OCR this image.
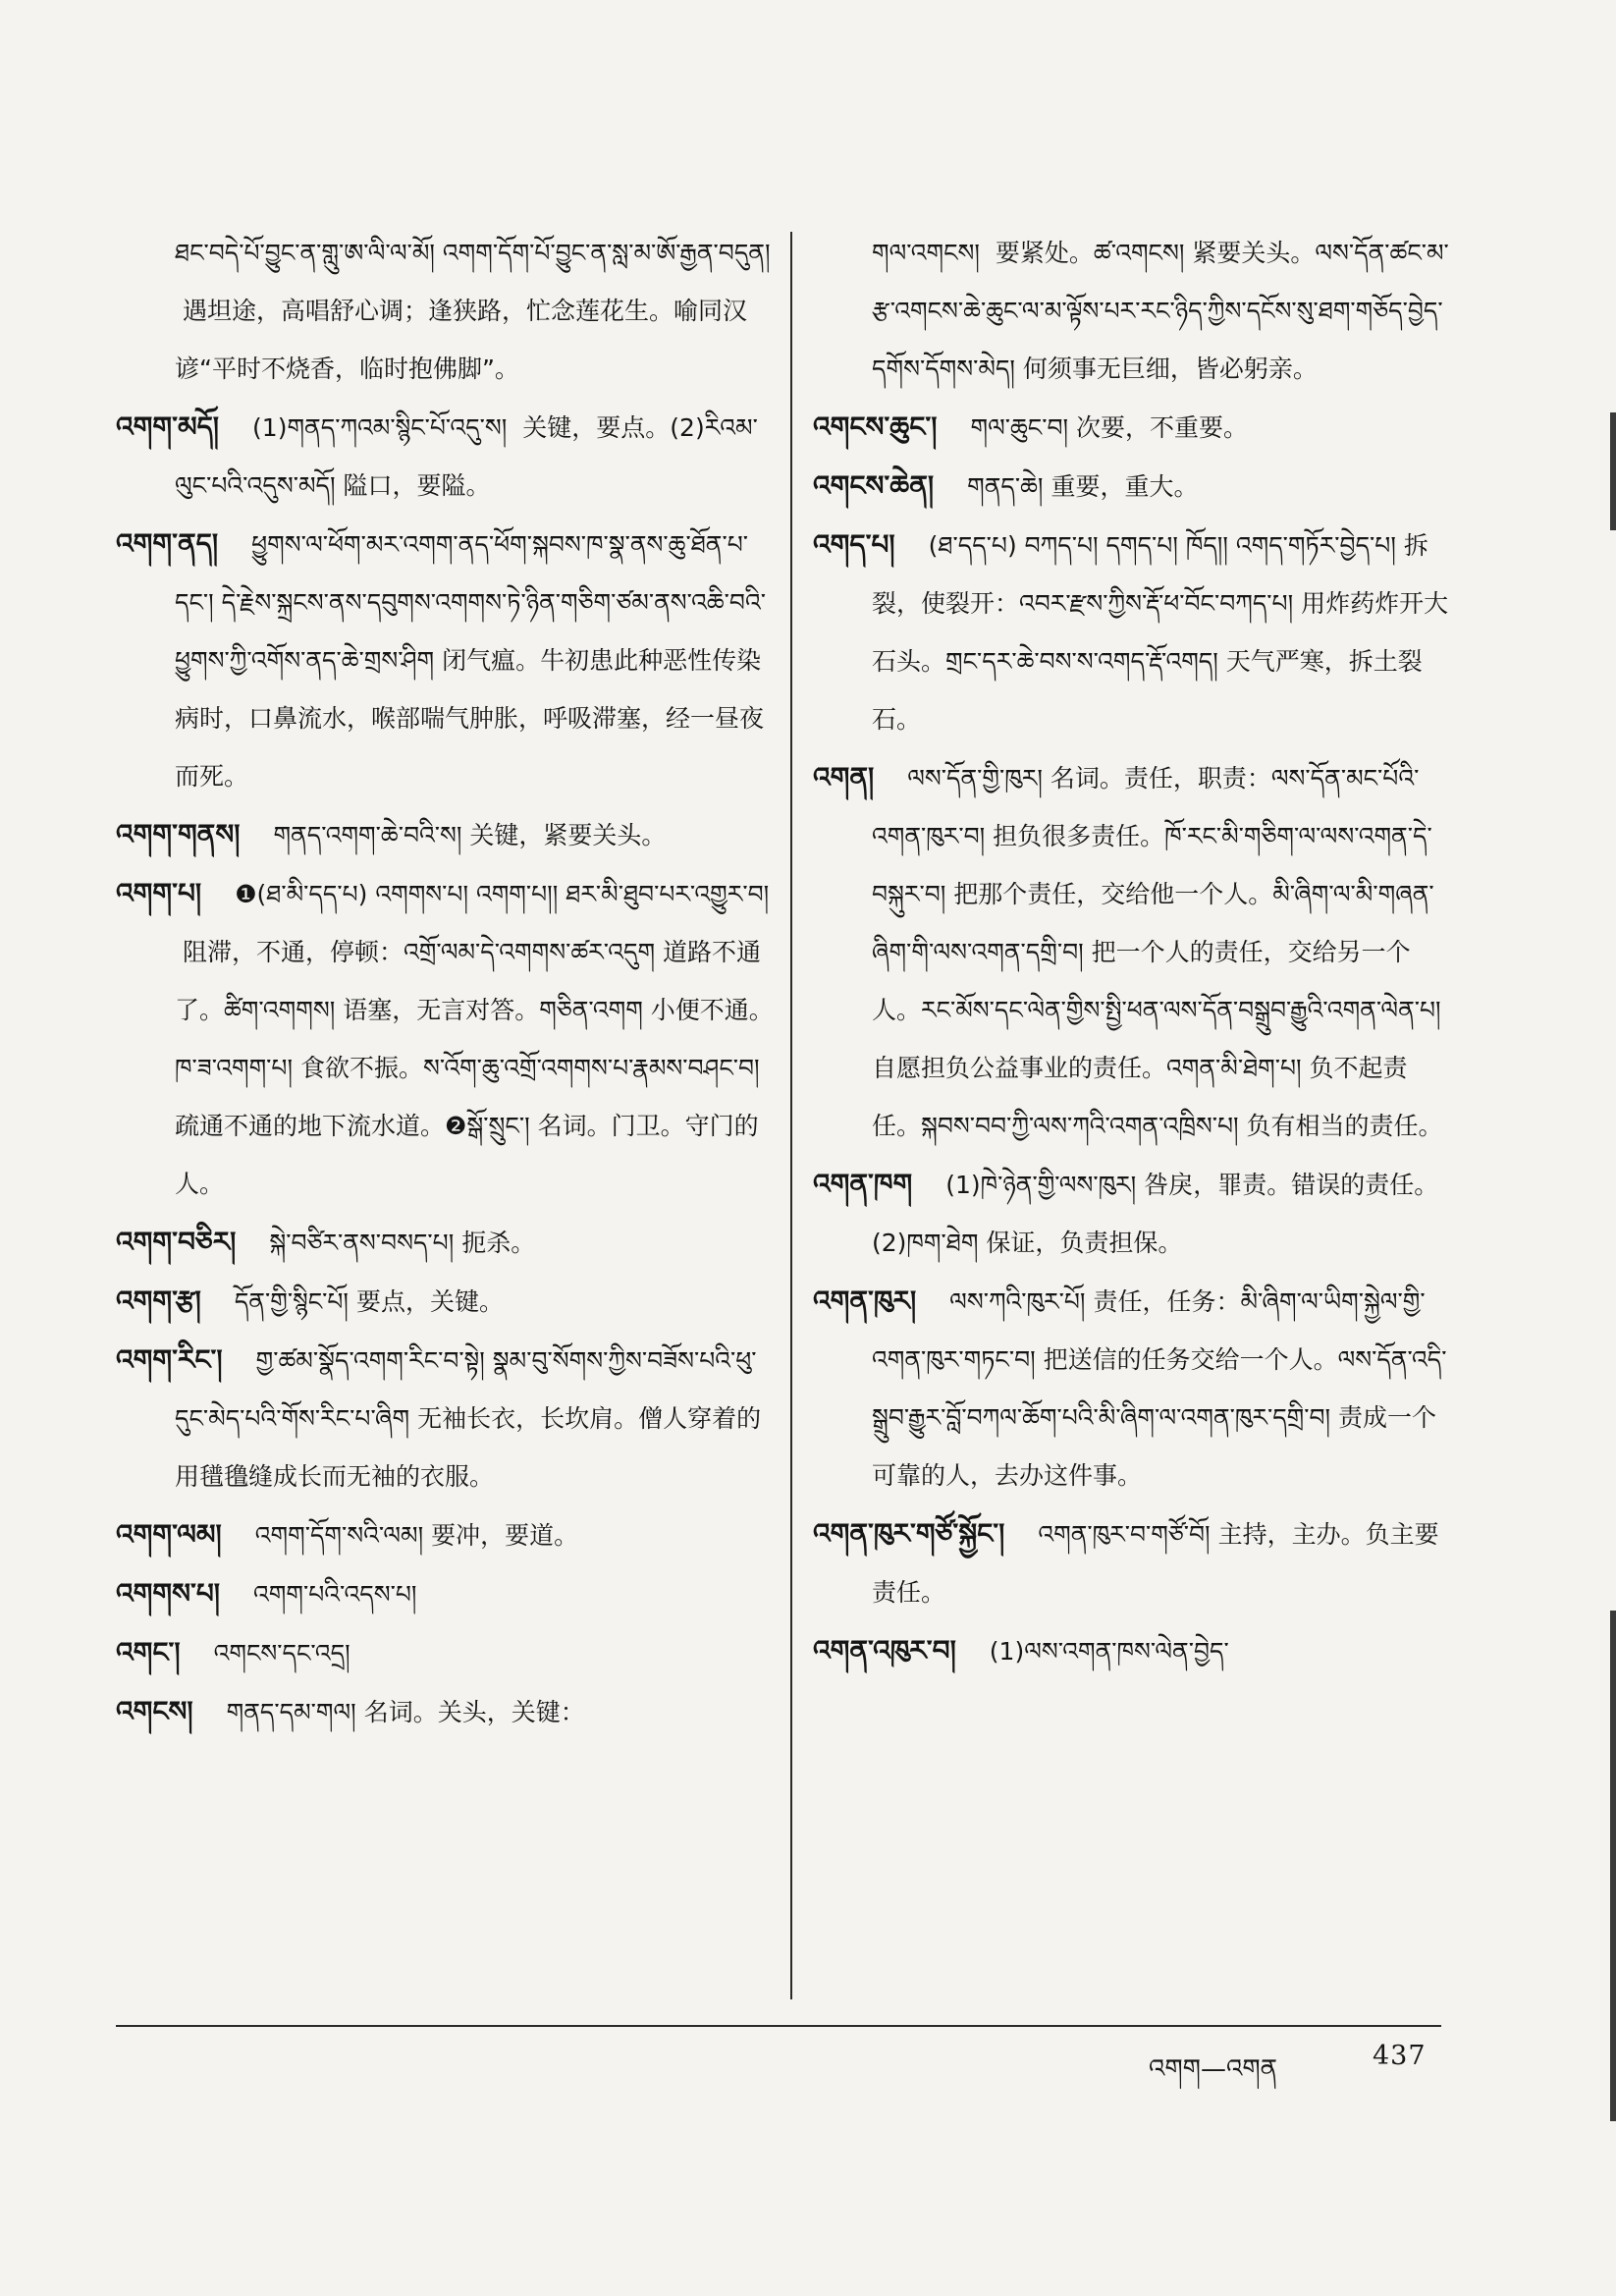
ཐང་བདེ་པོ་བྱུང་ན་གླུ་ཨ་ལི་ལ་མོ། འགག་དོག་པོ་བྱུང་ན་སླ་མ་ཨོ་རྒྱན་བདུན།遇坦途，高唱舒心调；逢狭路，忙念莲花生。喻同汉谚“平时不烧香，临时抱佛脚”。

འགག་མདོ། (1)གནད་ཀའམ་སྙིང་པོ་འདུ་ས། 关键，要点。(2)རིའམ་ལུང་པའི་འདུས་མདོ། 隘口，要隘。

འགག་ནད། ཕྱུགས་ལ་ཕོག་མར་འགག་ནད་ཕོག་སྐབས་ཁ་སྣ་ནས་ཆུ་ཐོན་པ་དང་། དེ་རྗེས་སྐྲངས་ནས་དབུགས་འགགས་ཏེ་ཉིན་གཅིག་ཙམ་ནས་འཆི་བའི་ཕྱུགས་ཀྱི་འགོས་ནད་ཆེ་གྲས་ཤིག 闭气瘟。牛初患此种恶性传染病时，口鼻流水，喉部喘气肿胀，呼吸滞塞，经一昼夜而死。

འགག་གནས། གནད་འགག་ཆེ་བའི་ས། 关键，紧要关头。

འགག་པ། ❶(ཐ་མི་དད་པ) འགགས་པ། འགག་པ།། ཐར་མི་ཐུབ་པར་འགྱུར་བ།阻滞，不通，停顿：འགྲོ་ལམ་དེ་འགགས་ཚར་འདུག 道路不通了。ཚིག་འགགས། 语塞，无言对答。གཅིན་འགག 小便不通。ཁ་ཟ་འགག་པ། 食欲不振。ས་འོག་ཆུ་འགྲོ་འགགས་པ་རྣམས་བཤང་བ། 疏通不通的地下流水道。❷སྒོ་སྲུང་། 名词。门卫。守门的人。

འགག་བཅིར། སྐེ་བཙིར་ནས་བསད་པ། 扼杀。

འགག་རྩ། དོན་གྱི་སྙིང་པོ། 要点，关键。

འགག་རིང་། གྱ་ཚམ་སྣོད་འགག་རིང་བ་སྟེ། སྣམ་བུ་སོགས་ཀྱིས་བཟོས་པའི་ཕུ་དུང་མེད་པའི་གོས་རིང་པ་ཞིག 无袖长衣，长坎肩。僧人穿着的用氆氇缝成长而无袖的衣服。

འགག་ལམ། འགག་དོག་སའི་ལམ། 要冲，要道。

འགགས་པ། འགག་པའི་འདས་པ།

འགང་། འགངས་དང་འདྲ།

འགངས། གནད་དམ་གལ། 名词。关头，关键：

གལ་འགངས། 要紧处。ཚ་འགངས། 紧要关头。ལས་དོན་ཚང་མ་རྩ་འགངས་ཆེ་ཆུང་ལ་མ་ལྟོས་པར་རང་ཉིད་ཀྱིས་དངོས་སུ་ཐག་གཅོད་བྱེད་དགོས་དོགས་མེད། 何须事无巨细，皆必躬亲。

འགངས་ཆུང་། གལ་ཆུང་བ། 次要，不重要。

འགངས་ཆེན། གནད་ཆེ། 重要，重大。

འགད་པ། (ཐ་དད་པ) བཀད་པ། དགད་པ། ཁོད།། འགད་གཏོར་བྱེད་པ། 拆裂，使裂开：འབར་རྫས་ཀྱིས་རྡོ་ཕ་བོང་བཀད་པ། 用炸药炸开大石头。གྲང་དར་ཆེ་བས་ས་འགད་རྡོ་འགད། 天气严寒，拆土裂石。

འགན། ལས་དོན་གྱི་ཁུར། 名词。责任，职责：ལས་དོན་མང་པོའི་འགན་ཁུར་བ། 担负很多责任。ཁོ་རང་མི་གཅིག་ལ་ལས་འགན་དེ་བསྐུར་བ། 把那个责任，交给他一个人。མི་ཞིག་ལ་མི་གཞན་ཞིག་གི་ལས་འགན་དགྲི་བ། 把一个人的责任，交给另一个人。རང་མོས་དང་ལེན་གྱིས་སྤྱི་ཕན་ལས་དོན་བསྒྲུབ་རྒྱུའི་འགན་ལེན་པ། 自愿担负公益事业的责任。འགན་མི་ཐེག་པ། 负不起责任。སྐབས་བབ་ཀྱི་ལས་ཀའི་འགན་འཁྲིས་པ། 负有相当的责任。

འགན་ཁག (1)ཁེ་ཉེན་གྱི་ལས་ཁུར། 咎戾，罪责。错误的责任。(2)ཁག་ཐེག 保证，负责担保。

འགན་ཁུར། ལས་ཀའི་ཁུར་པོ། 责任，任务：མི་ཞིག་ལ་ཡིག་སྐྱེལ་གྱི་འགན་ཁུར་གཏང་བ། 把送信的任务交给一个人。ལས་དོན་འདི་སྒྲུབ་རྒྱུར་བློ་བཀལ་ཆོག་པའི་མི་ཞིག་ལ་འགན་ཁུར་དགྲི་བ། 责成一个可靠的人，去办这件事。

འགན་ཁུར་གཙོ་སྐྱོང་། འགན་ཁུར་བ་གཙོ་བོ། 主持，主办。负主要责任。

འགན་འཁུར་བ། (1)ལས་འགན་ཁས་ལེན་བྱེད་

འགག—འགན	437
